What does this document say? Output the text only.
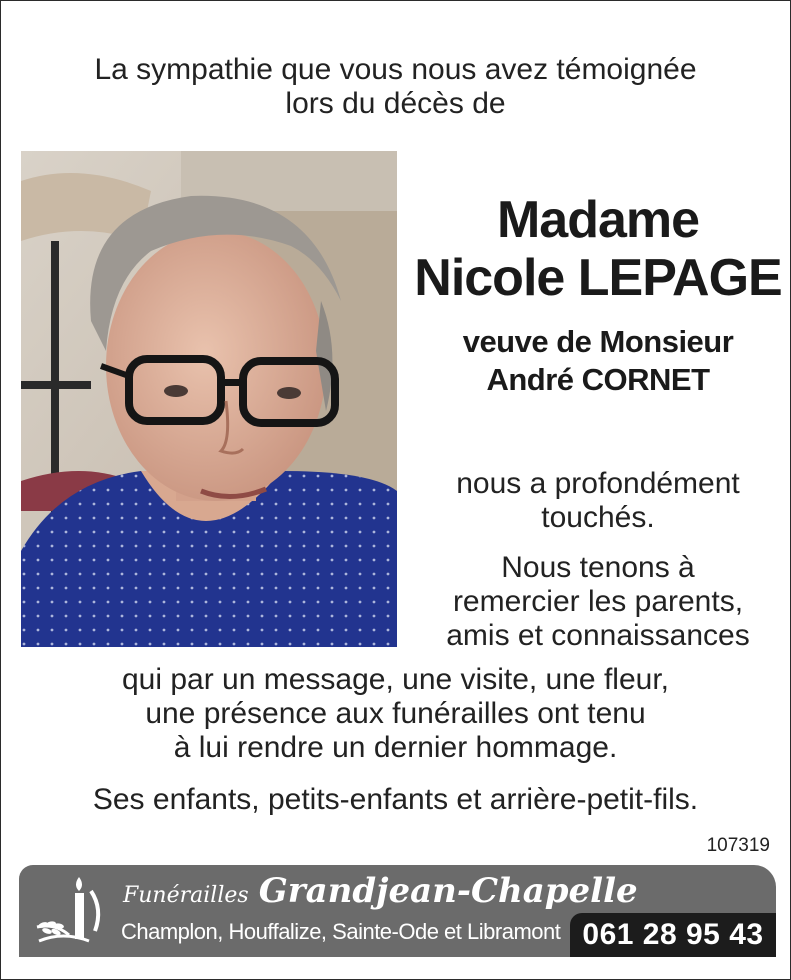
La sympathie que vous nous avez témoignée
lors du décès de
Madame
Nicole LEPAGE
veuve de Monsieur
André CORNET
nous a profondément
touchés.
Nous tenons à
remercier les parents,
amis et connaissances
qui par un message, une visite, une fleur,
une présence aux funérailles ont tenu
à lui rendre un dernier hommage.
Ses enfants, petits-enfants et arrière-petit-fils.
107319
Funérailles Grandjean-Chapelle
Champlon, Houffalize, Sainte-Ode et Libramont 061 28 95 43
